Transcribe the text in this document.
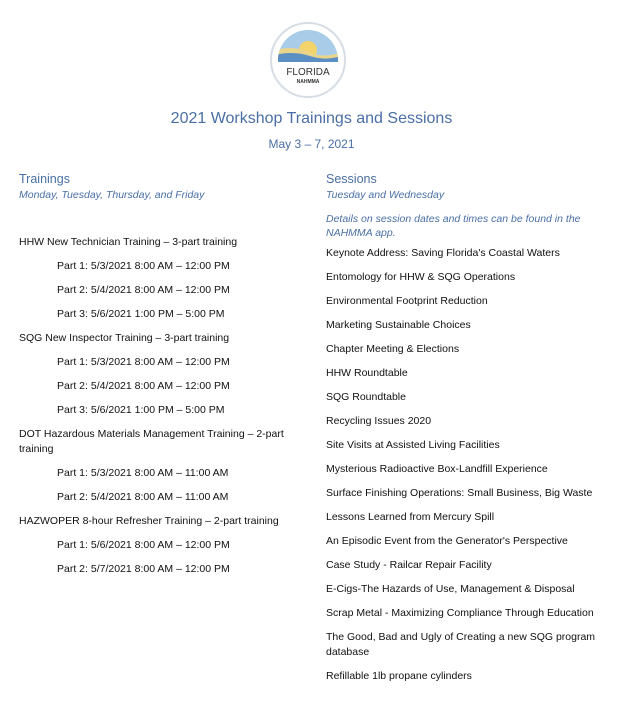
FLORIDA
NAHMMA
2021 Workshop Trainings and Sessions
May 3 – 7, 2021
Trainings
Monday, Tuesday, Thursday, and Friday
HHW New Technician Training – 3-part training
Part 1: 5/3/2021 8:00 AM – 12:00 PM
Part 2: 5/4/2021 8:00 AM – 12:00 PM
Part 3: 5/6/2021 1:00 PM – 5:00 PM
SQG New Inspector Training – 3-part training
Part 1: 5/3/2021 8:00 AM – 12:00 PM
Part 2: 5/4/2021 8:00 AM – 12:00 PM
Part 3: 5/6/2021 1:00 PM – 5:00 PM
DOT Hazardous Materials Management Training – 2-part training
Part 1: 5/3/2021 8:00 AM – 11:00 AM
Part 2: 5/4/2021 8:00 AM – 11:00 AM
HAZWOPER 8-hour Refresher Training – 2-part training
Part 1: 5/6/2021 8:00 AM – 12:00 PM
Part 2: 5/7/2021 8:00 AM – 12:00 PM
Sessions
Tuesday and Wednesday
Details on session dates and times can be found in the NAHMMA app.
Keynote Address: Saving Florida's Coastal Waters
Entomology for HHW & SQG Operations
Environmental Footprint Reduction
Marketing Sustainable Choices
Chapter Meeting & Elections
HHW Roundtable
SQG Roundtable
Recycling Issues 2020
Site Visits at Assisted Living Facilities
Mysterious Radioactive Box-Landfill Experience
Surface Finishing Operations: Small Business, Big Waste
Lessons Learned from Mercury Spill
An Episodic Event from the Generator's Perspective
Case Study - Railcar Repair Facility
E-Cigs-The Hazards of Use, Management & Disposal
Scrap Metal - Maximizing Compliance Through Education
The Good, Bad and Ugly of Creating a new SQG program database
Refillable 1lb propane cylinders
